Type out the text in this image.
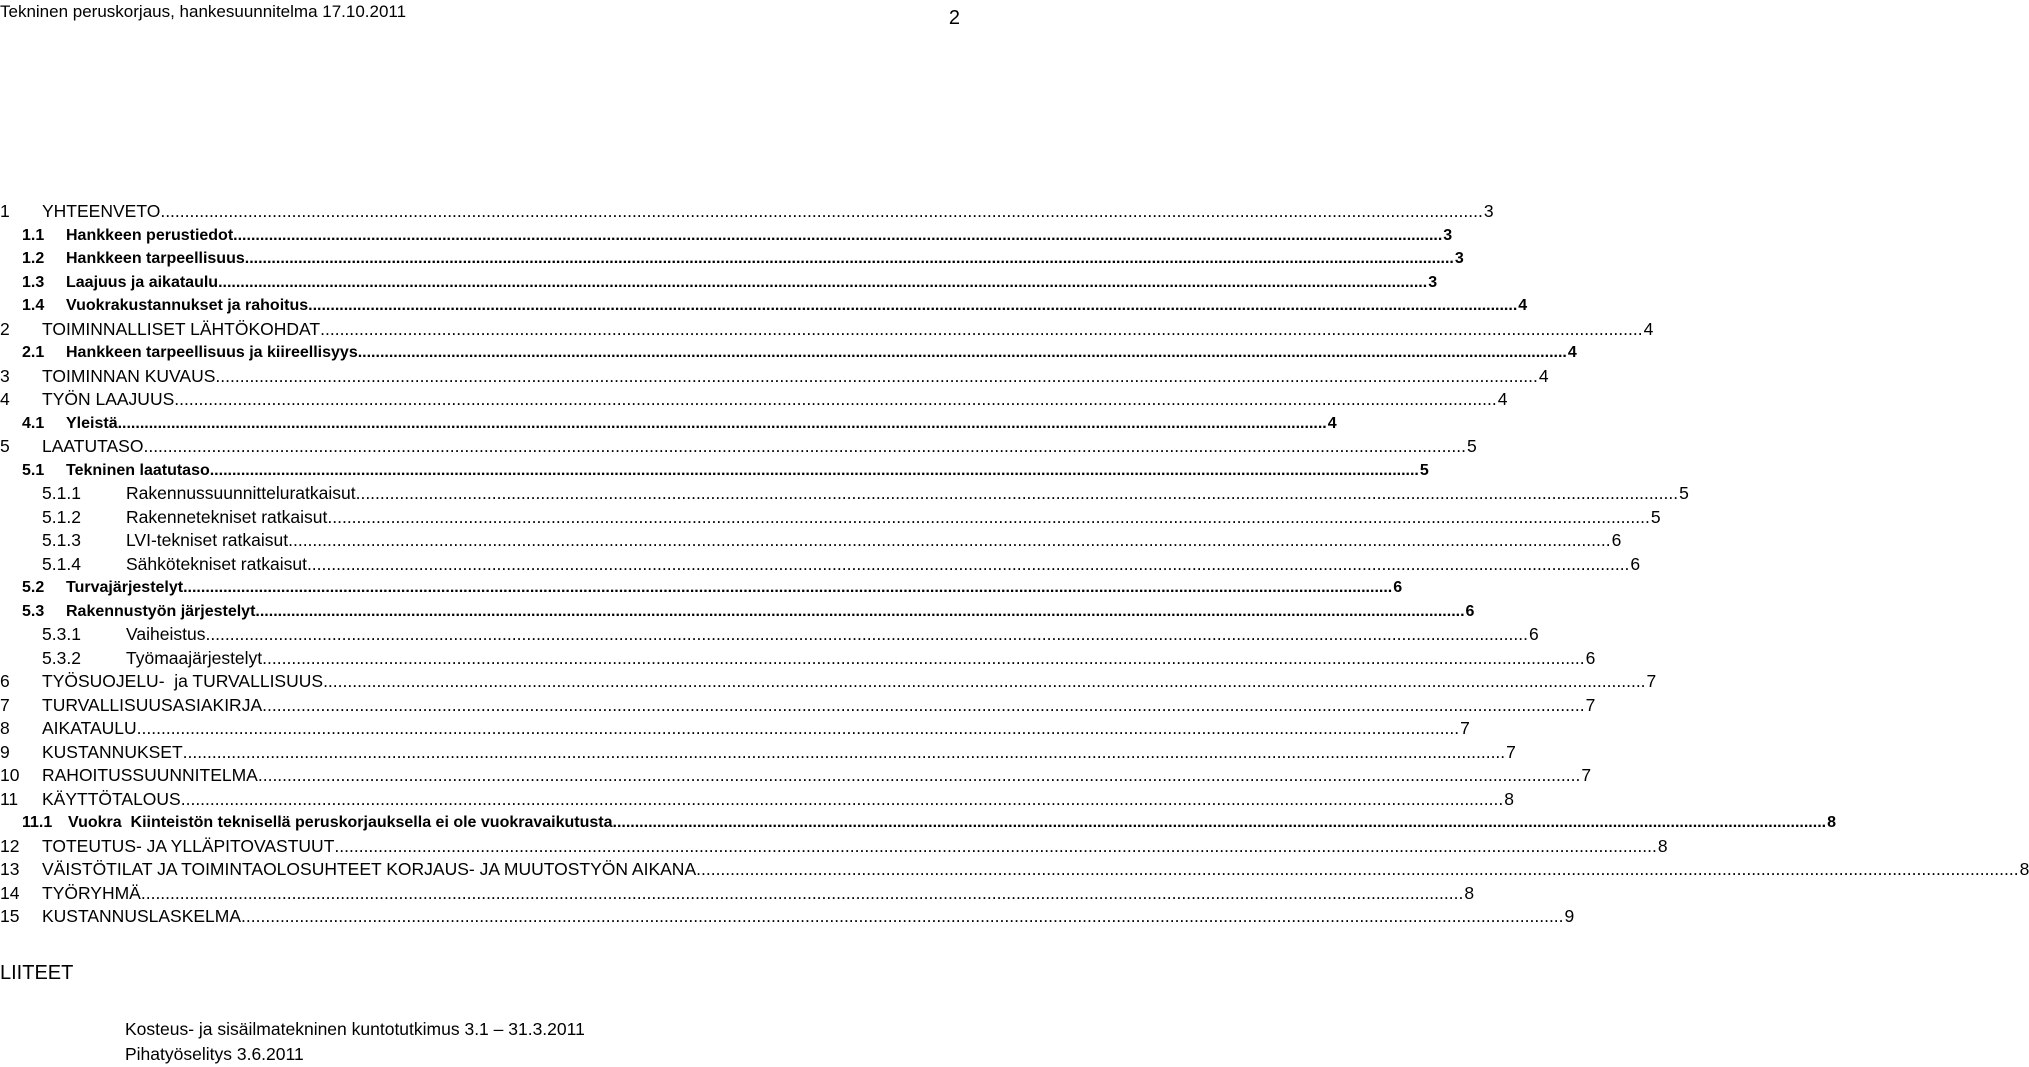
Tekninen peruskorjaus, hankesuunnitelma 17.10.2011	2
1	YHTEENVETO .....	3
1.1	Hankkeen perustiedot .....	3
1.2	Hankkeen tarpeellisuus .....	3
1.3	Laajuus ja aikataulu .....	3
1.4	Vuokrakustannukset ja rahoitus .....	4
2	TOIMINNALLISET LÄHTÖKOHDAT .....	4
2.1	Hankkeen tarpeellisuus ja kiireellisyys .....	4
3	TOIMINNAN KUVAUS .....	4
4	TYÖN LAAJUUS .....	4
4.1	Yleistä .....	4
5	LAATUTASO .....	5
5.1	Tekninen laatutaso .....	5
5.1.1	Rakennussuunnitteluratkaisut .....	5
5.1.2	Rakennetekniset ratkaisut .....	5
5.1.3	LVI-tekniset ratkaisut .....	6
5.1.4	Sähkötekniset ratkaisut .....	6
5.2	Turvajärjestelyt .....	6
5.3	Rakennustyön järjestelyt .....	6
5.3.1	Vaiheistus .....	6
5.3.2	Työmaajärjestelyt .....	6
6	TYÖSUOJELU-  ja TURVALLISUUS .....	7
7	TURVALLISUUSASIAKIRJA .....	7
8	AIKATAULU .....	7
9	KUSTANNUKSET .....	7
10	RAHOITUSSUUNNITELMA .....	7
11	KÄYTTÖTALOUS .....	8
11.1 Vuokra  Kiinteistön teknisellä peruskorjauksella ei ole vuokravaikutusta. .....	8
12	TOTEUTUS- JA YLLÄPITOVASTUUT .....	8
13	VÄISTÖTILAT JA TOIMINTAOLOSUHTEET KORJAUS- JA MUUTOSTYÖN AIKANA .....	8
14	TYÖRYHMÄ .....	8
15	KUSTANNUSLASKELMA .....	9
LIITEET
Kosteus- ja sisäilmatekninen kuntotutkimus 3.1 – 31.3.2011
Pihatyöselitys 3.6.2011
